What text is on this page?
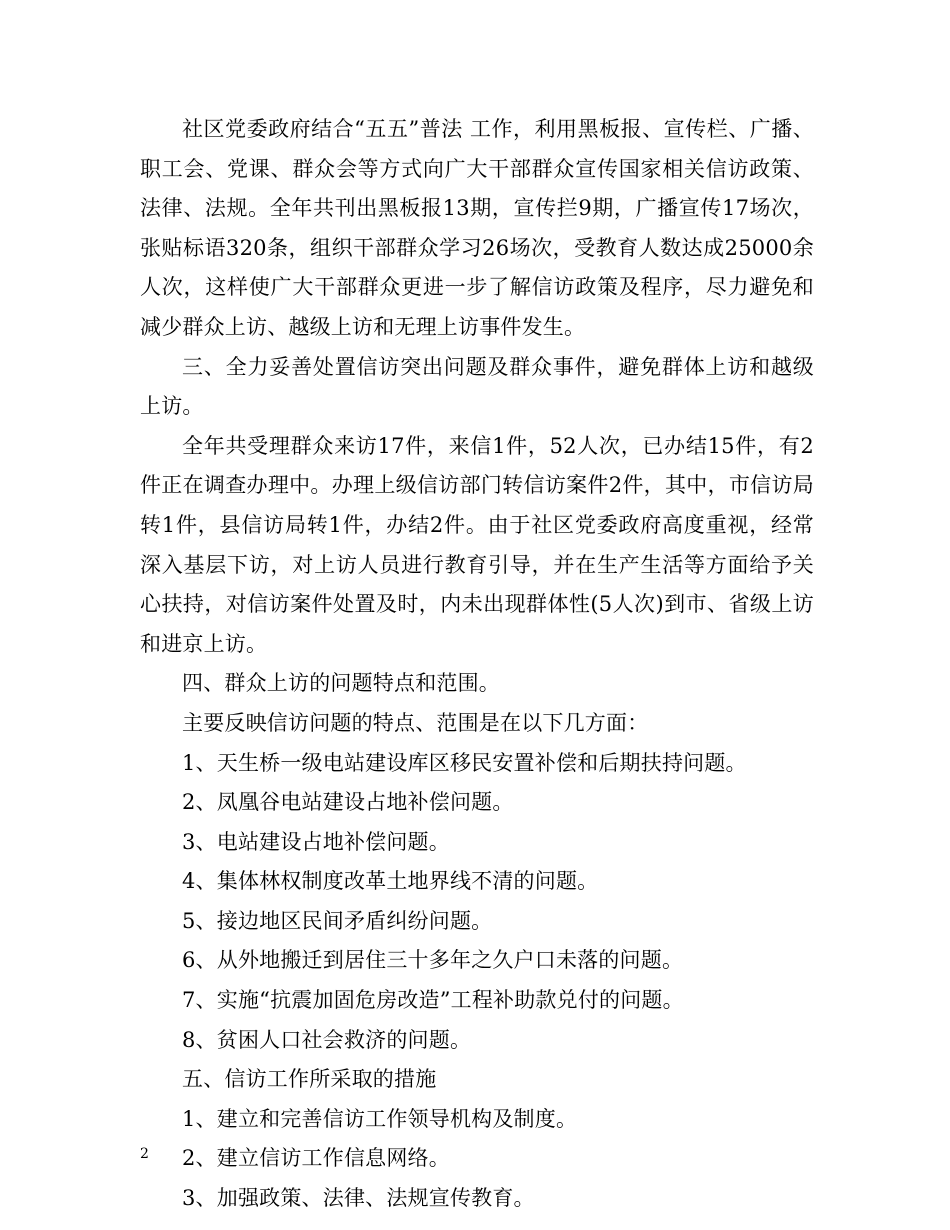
社区党委政府结合“五五”普法 工作，利用黑板报、宣传栏、广播、职工会、党课、群众会等方式向广大干部群众宣传国家相关信访政策、法律、法规。全年共刊出黑板报13期，宣传拦9期，广播宣传17场次，张贴标语320条，组织干部群众学习26场次，受教育人数达成25000余人次，这样使广大干部群众更进一步了解信访政策及程序，尽力避免和减少群众上访、越级上访和无理上访事件发生。

三、全力妥善处置信访突出问题及群众事件，避免群体上访和越级上访。

全年共受理群众来访17件，来信1件，52人次，已办结15件，有2件正在调查办理中。办理上级信访部门转信访案件2件，其中，市信访局转1件，县信访局转1件，办结2件。由于社区党委政府高度重视，经常深入基层下访，对上访人员进行教育引导，并在生产生活等方面给予关心扶持，对信访案件处置及时，内未出现群体性(5人次)到市、省级上访和进京上访。

四、群众上访的问题特点和范围。

主要反映信访问题的特点、范围是在以下几方面：

1、天生桥一级电站建设库区移民安置补偿和后期扶持问题。

2、凤凰谷电站建设占地补偿问题。

3、电站建设占地补偿问题。

4、集体林权制度改革土地界线不清的问题。

5、接边地区民间矛盾纠纷问题。

6、从外地搬迁到居住三十多年之久户口未落的问题。

7、实施“抗震加固危房改造”工程补助款兑付的问题。

8、贫困人口社会救济的问题。

五、信访工作所采取的措施

1、建立和完善信访工作领导机构及制度。

2、建立信访工作信息网络。

3、加强政策、法律、法规宣传教育。

2
